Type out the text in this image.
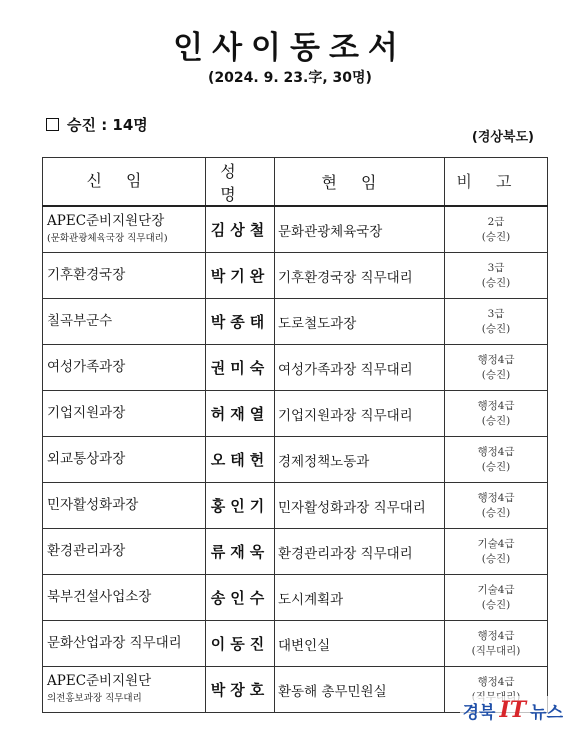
인사이동조서
(2024. 9. 23.字, 30명)
승진 : 14명
(경상북도)
신임	성명	현임	비고
APEC준비지원단장
(문화관광체육국장 직무대리)	김상철	문화관광체육국장	2급
(승진)
기후환경국장	박기완	기후환경국장 직무대리	3급
(승진)
칠곡부군수	박종태	도로철도과장	3급
(승진)
여성가족과장	권미숙	여성가족과장 직무대리	행정4급
(승진)
기업지원과장	허재열	기업지원과장 직무대리	행정4급
(승진)
외교통상과장	오태헌	경제정책노동과	행정4급
(승진)
민자활성화과장	홍인기	민자활성화과장 직무대리	행정4급
(승진)
환경관리과장	류재욱	환경관리과장 직무대리	기술4급
(승진)
북부건설사업소장	송인수	도시계획과	기술4급
(승진)
문화산업과장 직무대리	이동진	대변인실	행정4급
(직무대리)
APEC준비지원단
의전홍보과장 직무대리	박장호	환동해 총무민원실	행정4급

경북 IT 뉴스
